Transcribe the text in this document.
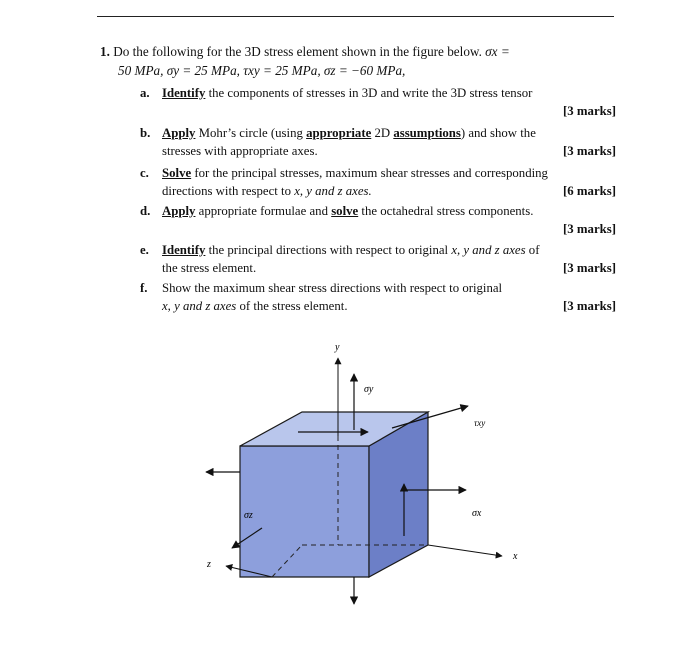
1. Do the following for the 3D stress element shown in the figure below. σx =
50 MPa, σy = 25 MPa, τxy = 25 MPa, σz = −60 MPa,
a. Identify the components of stresses in 3D and write the 3D stress tensor
[3 marks]
b. Apply Mohr’s circle (using appropriate 2D assumptions) and show the
stresses with appropriate axes.	[3 marks]
c. Solve for the principal stresses, maximum shear stresses and corresponding
directions with respect to x, y and z axes.	[6 marks]
d. Apply appropriate formulae and solve the octahedral stress components.
[3 marks]
e. Identify the principal directions with respect to original x, y and z axes of
the stress element.	[3 marks]
f. Show the maximum shear stress directions with respect to original
x, y and z axes of the stress element.	[3 marks]
y
σy
τxy
σx
σz
x
z
